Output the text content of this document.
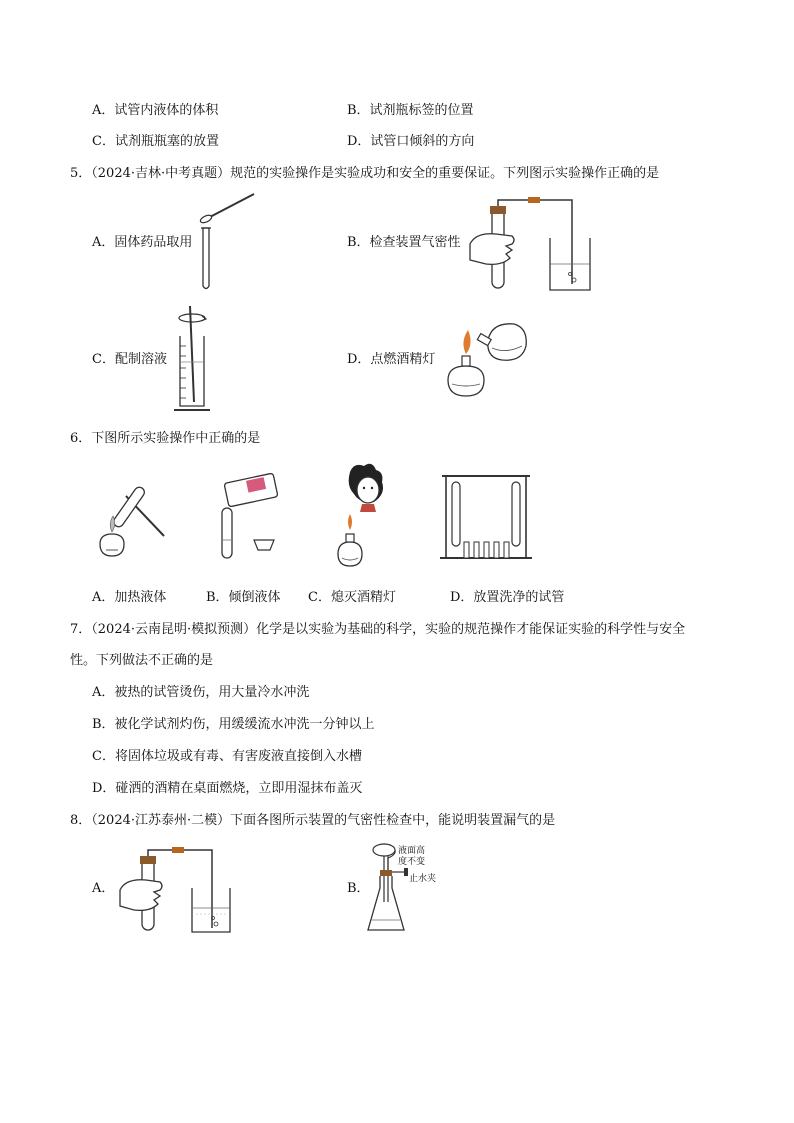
A．试管内液体的体积	B．试剂瓶标签的位置
C．试剂瓶瓶塞的放置	D．试管口倾斜的方向
5．（2024·吉林·中考真题）规范的实验操作是实验成功和安全的重要保证。下列图示实验操作正确的是
A．固体药品取用	B．检查装置气密性
C．配制溶液	D．点燃酒精灯
6．下图所示实验操作中正确的是
A．加热液体	B．倾倒液体 C．熄灭酒精灯	D．放置洗净的试管
7．（2024·云南昆明·模拟预测）化学是以实验为基础的科学，实验的规范操作才能保证实验的科学性与安全
性。下列做法不正确的是
A．被热的试管烫伤，用大量冷水冲洗
B．被化学试剂灼伤，用缓缓流水冲洗一分钟以上
C．将固体垃圾或有毒、有害废液直接倒入水槽
D．碰洒的酒精在桌面燃烧，立即用湿抹布盖灭
8．（2024·江苏泰州·二模）下面各图所示装置的气密性检查中，能说明装置漏气的是
A．	B．
液面高
度不变
止水夹
